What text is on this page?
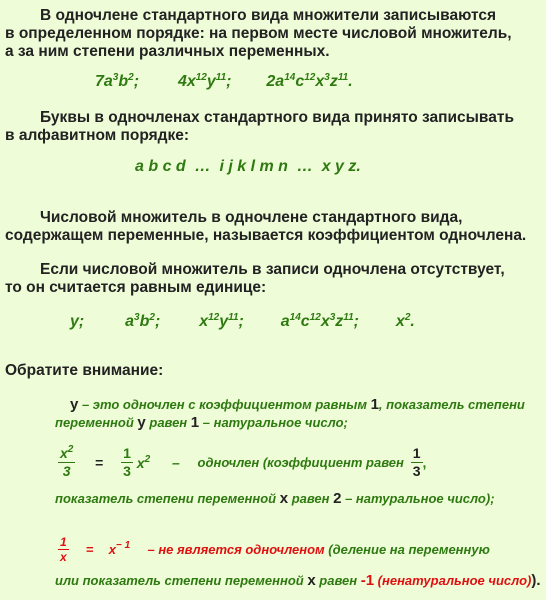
В одночлене стандартного вида множители записываются
в определенном порядке: на первом месте числовой множитель,
а за ним степени различных переменных.
$7a^3b^2$; $4x^{12}y^{11}$; $2a^{14}c^{12}x^3z^{11}$.
Буквы в одночленах стандартного вида принято записывать
в алфавитном порядке:
a b c d  …  i j k l m n  …  x y z.
Числовой множитель в одночлене стандартного вида,
содержащем переменные, называется коэффициентом одночлена.
Если числовой множитель в записи одночлена отсутствует,
то он считается равным единице:
y;	$a^3b^2$; $x^{12}y^{11}$; $a^{14}c^{12}x^3z^{11}$; $x^2$.
Обратите внимание:
y – это одночлен с коэффициентом равным 1, показатель степени
переменной y равен 1 – натуральное число;
$\frac{x^2}{3} = \frac{1}{3} x^2$ – одночлен (коэффициент равен $\frac{1}{3}$ ,
показатель степени переменной x равен 2 – натуральное число);
$\frac{1}{x} = x^{- 1}$ – не является одночленом (деление на переменную
или показатель степени переменной x равен -1 (ненатуральное число)).
